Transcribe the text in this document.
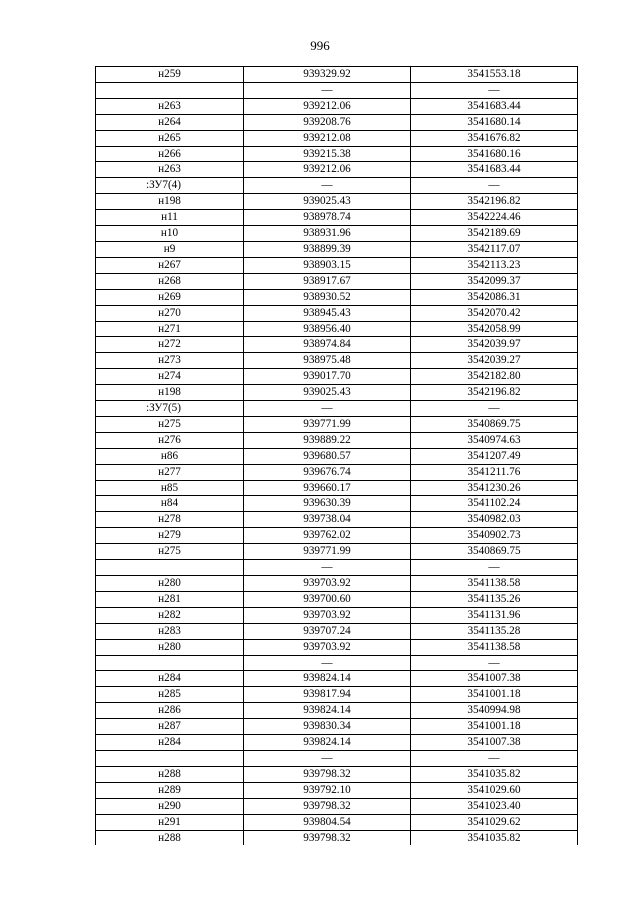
996
н259	939329.92	3541553.18
	—	—
н263	939212.06	3541683.44
н264	939208.76	3541680.14
н265	939212.08	3541676.82
н266	939215.38	3541680.16
н263	939212.06	3541683.44
:ЗУ7(4)	—	—
н198	939025.43	3542196.82
н11	938978.74	3542224.46
н10	938931.96	3542189.69
н9	938899.39	3542117.07
н267	938903.15	3542113.23
н268	938917.67	3542099.37
н269	938930.52	3542086.31
н270	938945.43	3542070.42
н271	938956.40	3542058.99
н272	938974.84	3542039.97
н273	938975.48	3542039.27
н274	939017.70	3542182.80
н198	939025.43	3542196.82
:ЗУ7(5)	—	—
н275	939771.99	3540869.75
н276	939889.22	3540974.63
н86	939680.57	3541207.49
н277	939676.74	3541211.76
н85	939660.17	3541230.26
н84	939630.39	3541102.24
н278	939738.04	3540982.03
н279	939762.02	3540902.73
н275	939771.99	3540869.75
	—	—
н280	939703.92	3541138.58
н281	939700.60	3541135.26
н282	939703.92	3541131.96
н283	939707.24	3541135.28
н280	939703.92	3541138.58
	—	—
н284	939824.14	3541007.38
н285	939817.94	3541001.18
н286	939824.14	3540994.98
н287	939830.34	3541001.18
н284	939824.14	3541007.38
	—	—
н288	939798.32	3541035.82
н289	939792.10	3541029.60
н290	939798.32	3541023.40
н291	939804.54	3541029.62
н288	939798.32	3541035.82
